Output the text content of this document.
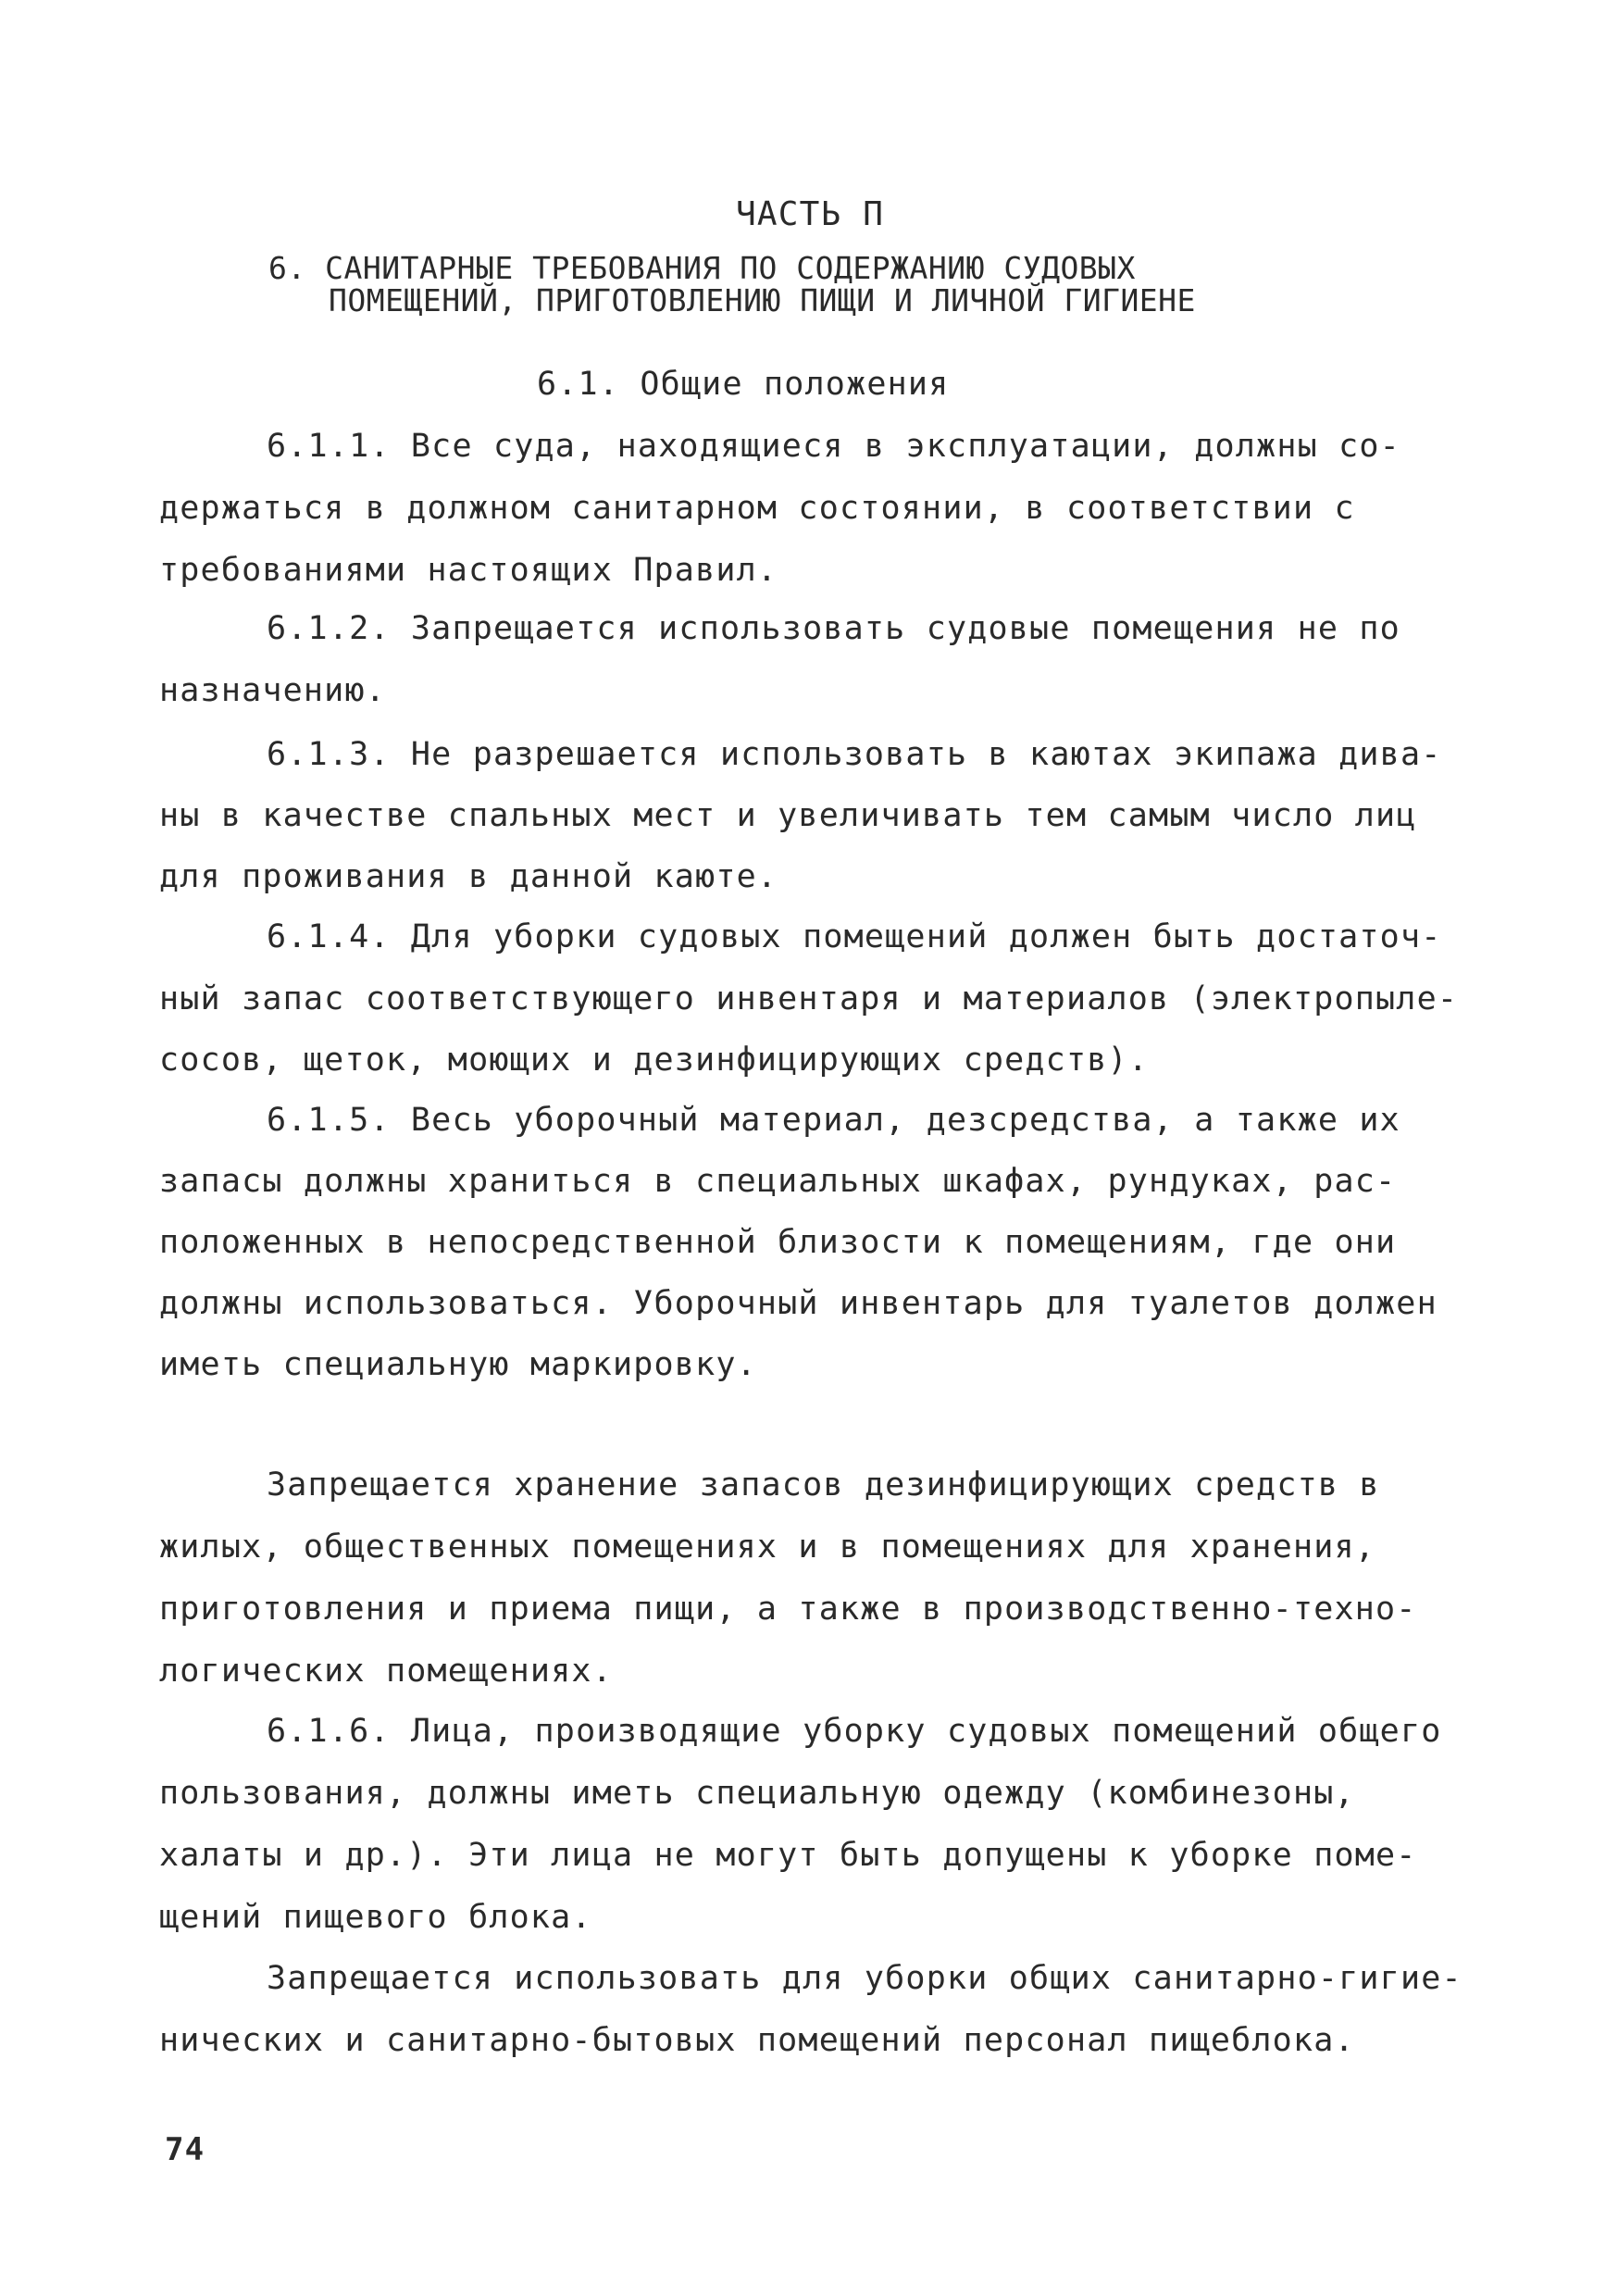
ЧАСТЬ П
6. САНИТАРНЫЕ ТРЕБОВАНИЯ ПО СОДЕРЖАНИЮ СУДОВЫХ
ПОМЕЩЕНИЙ, ПРИГОТОВЛЕНИЮ ПИЩИ И ЛИЧНОЙ ГИГИЕНЕ
6.1. Общие положения
6.1.1. Все суда, находящиеся в эксплуатации, должны со-
держаться в должном санитарном состоянии, в соответствии с
требованиями настоящих Правил.
6.1.2. Запрещается использовать судовые помещения не по
назначению.
6.1.3. Не разрешается использовать в каютах экипажа дива-
ны в качестве спальных мест и увеличивать тем самым число лиц
для проживания в данной каюте.
6.1.4. Для уборки судовых помещений должен быть достаточ-
ный запас соответствующего инвентаря и материалов (электропыле-
сосов, щеток, моющих и дезинфицирующих средств).
6.1.5. Весь уборочный материал, дезсредства, а также их
запасы должны храниться в специальных шкафах, рундуках, рас-
положенных в непосредственной близости к помещениям, где они
должны использоваться. Уборочный инвентарь для туалетов должен
иметь специальную маркировку.
Запрещается хранение запасов дезинфицирующих средств в
жилых, общественных помещениях и в помещениях для хранения,
приготовления и приема пищи, а также в производственно-техно-
логических помещениях.
6.1.6. Лица, производящие уборку судовых помещений общего
пользования, должны иметь специальную одежду (комбинезоны,
халаты и др.). Эти лица не могут быть допущены к уборке поме-
щений пищевого блока.
Запрещается использовать для уборки общих санитарно-гигие-
нических и санитарно-бытовых помещений персонал пищеблока.
74
